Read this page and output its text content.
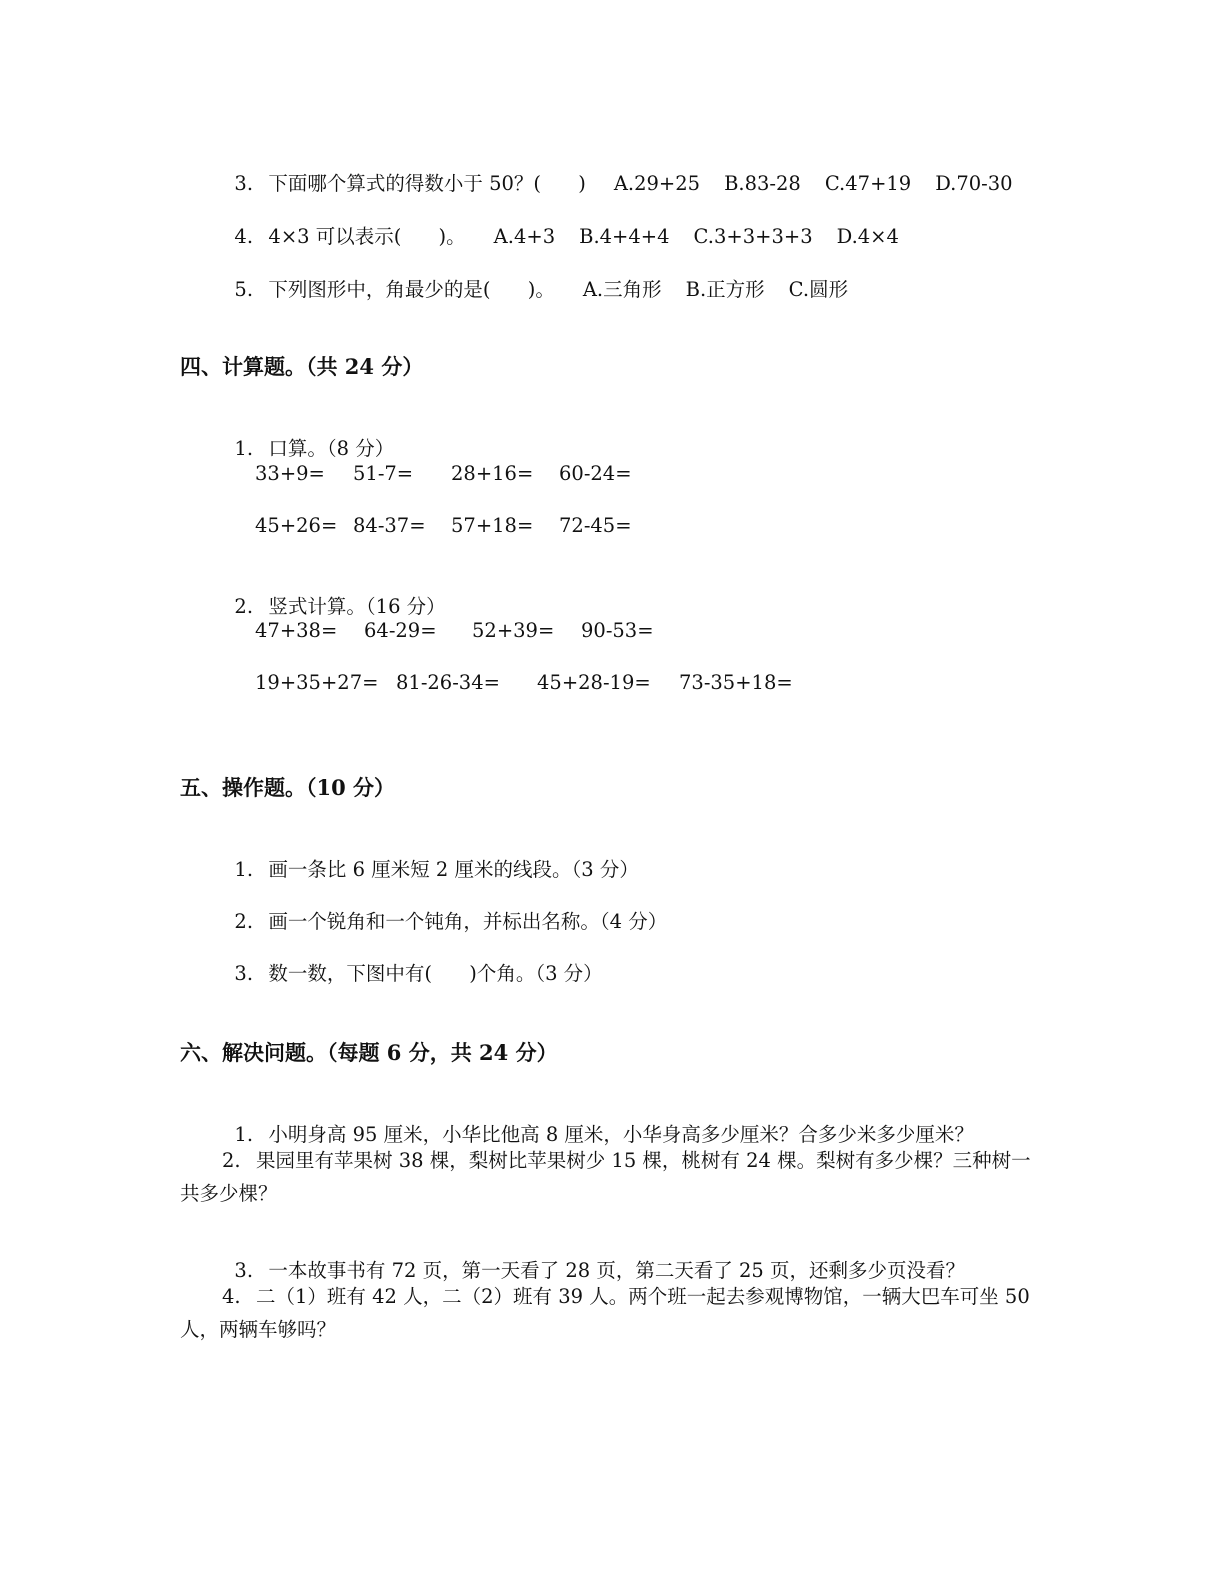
3. 下面哪个算式的得数小于 50？(      ) A.29+25 B.83-28 C.47+19 D.70-30

4. 4×3 可以表示(      )。 A.4+3 B.4+4+4 C.3+3+3+3 D.4×4

5. 下列图形中，角最少的是(      )。 A.三角形 B.正方形 C.圆形

四、计算题。（共 24 分）

1. 口算。（8 分）

33+9= 51-7= 28+16= 60-24=
45+26= 84-37= 57+18= 72-45=

2. 竖式计算。（16 分）

47+38= 64-29= 52+39= 90-53=
19+35+27= 81-26-34= 45+28-19= 73-35+18=
五、操作题。（10 分）

1. 画一条比 6 厘米短 2 厘米的线段。（3 分）

2. 画一个锐角和一个钝角，并标出名称。（4 分）

3. 数一数，下图中有(      )个角。（3 分）

六、解决问题。（每题 6 分，共 24 分）

1. 小明身高 95 厘米，小华比他高 8 厘米，小华身高多少厘米？合多少米多少厘米？

2. 果园里有苹果树 38 棵，梨树比苹果树少 15 棵，桃树有 24 棵。梨树有多少棵？三种树一共多少棵？

3. 一本故事书有 72 页，第一天看了 28 页，第二天看了 25 页，还剩多少页没看？

4. 二（1）班有 42 人，二（2）班有 39 人。两个班一起去参观博物馆，一辆大巴车可坐 50 人，两辆车够吗？
